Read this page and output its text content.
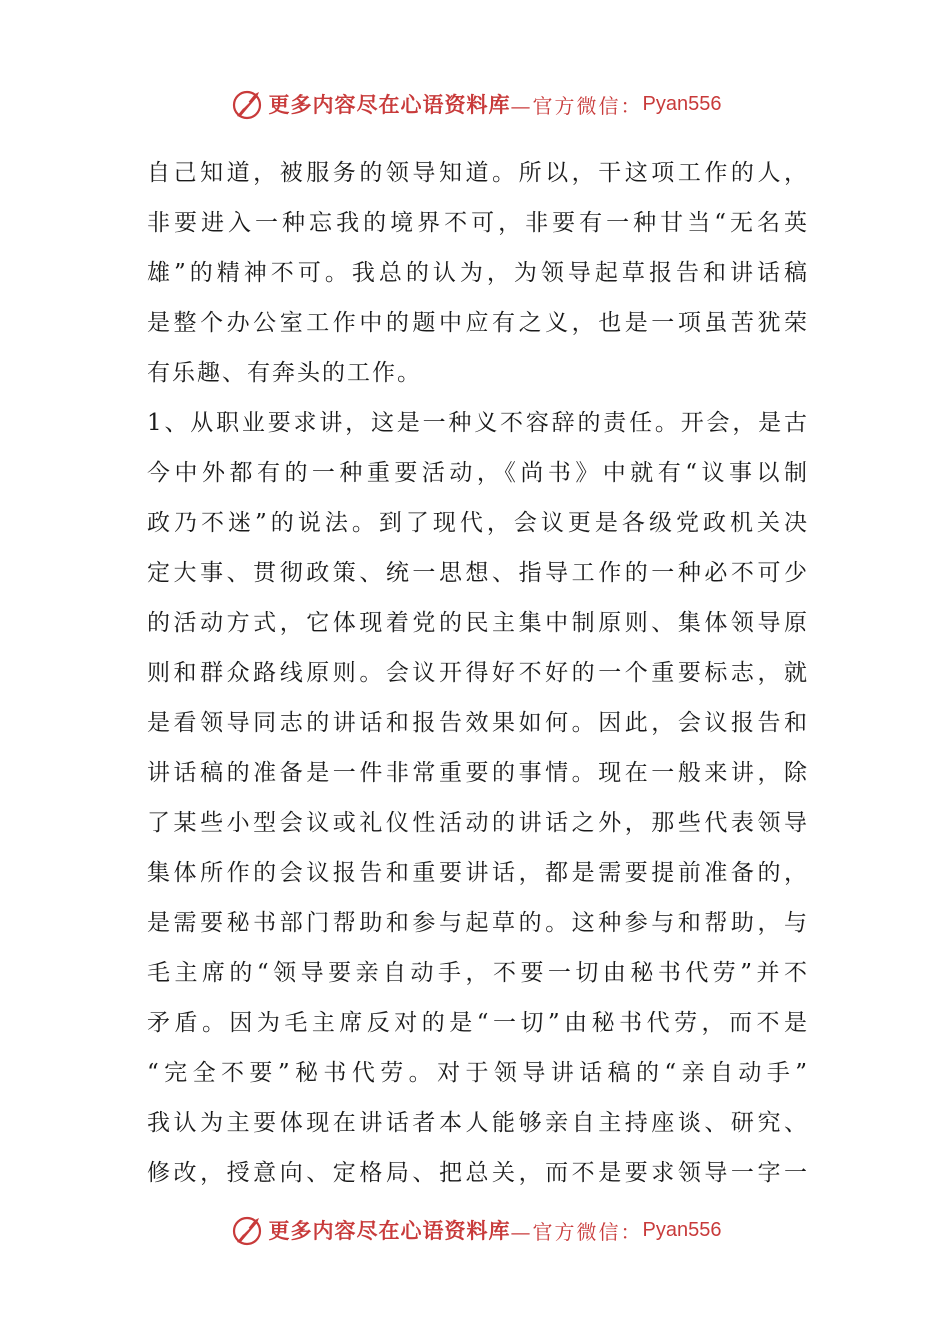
更多内容尽在心语资料库 —官方微信： Pyan556
自己知道，被服务的领导知道。所以，干这项工作的人，
非要进入一种忘我的境界不可，非要有一种甘当“无名英
雄”的精神不可。我总的认为，为领导起草报告和讲话稿
是整个办公室工作中的题中应有之义，也是一项虽苦犹荣
有乐趣、有奔头的工作。
1、从职业要求讲，这是一种义不容辞的责任。开会，是古
今中外都有的一种重要活动，《尚书》中就有“议事以制
政乃不迷”的说法。到了现代，会议更是各级党政机关决
定大事、贯彻政策、统一思想、指导工作的一种必不可少
的活动方式，它体现着党的民主集中制原则、集体领导原
则和群众路线原则。会议开得好不好的一个重要标志，就
是看领导同志的讲话和报告效果如何。因此，会议报告和
讲话稿的准备是一件非常重要的事情。现在一般来讲，除
了某些小型会议或礼仪性活动的讲话之外，那些代表领导
集体所作的会议报告和重要讲话，都是需要提前准备的，
是需要秘书部门帮助和参与起草的。这种参与和帮助，与
毛主席的“领导要亲自动手，不要一切由秘书代劳”并不
矛盾。因为毛主席反对的是“一切”由秘书代劳，而不是
“完全不要”秘书代劳。对于领导讲话稿的“亲自动手”
我认为主要体现在讲话者本人能够亲自主持座谈、研究、
修改，授意向、定格局、把总关，而不是要求领导一字一
更多内容尽在心语资料库 —官方微信： Pyan556
